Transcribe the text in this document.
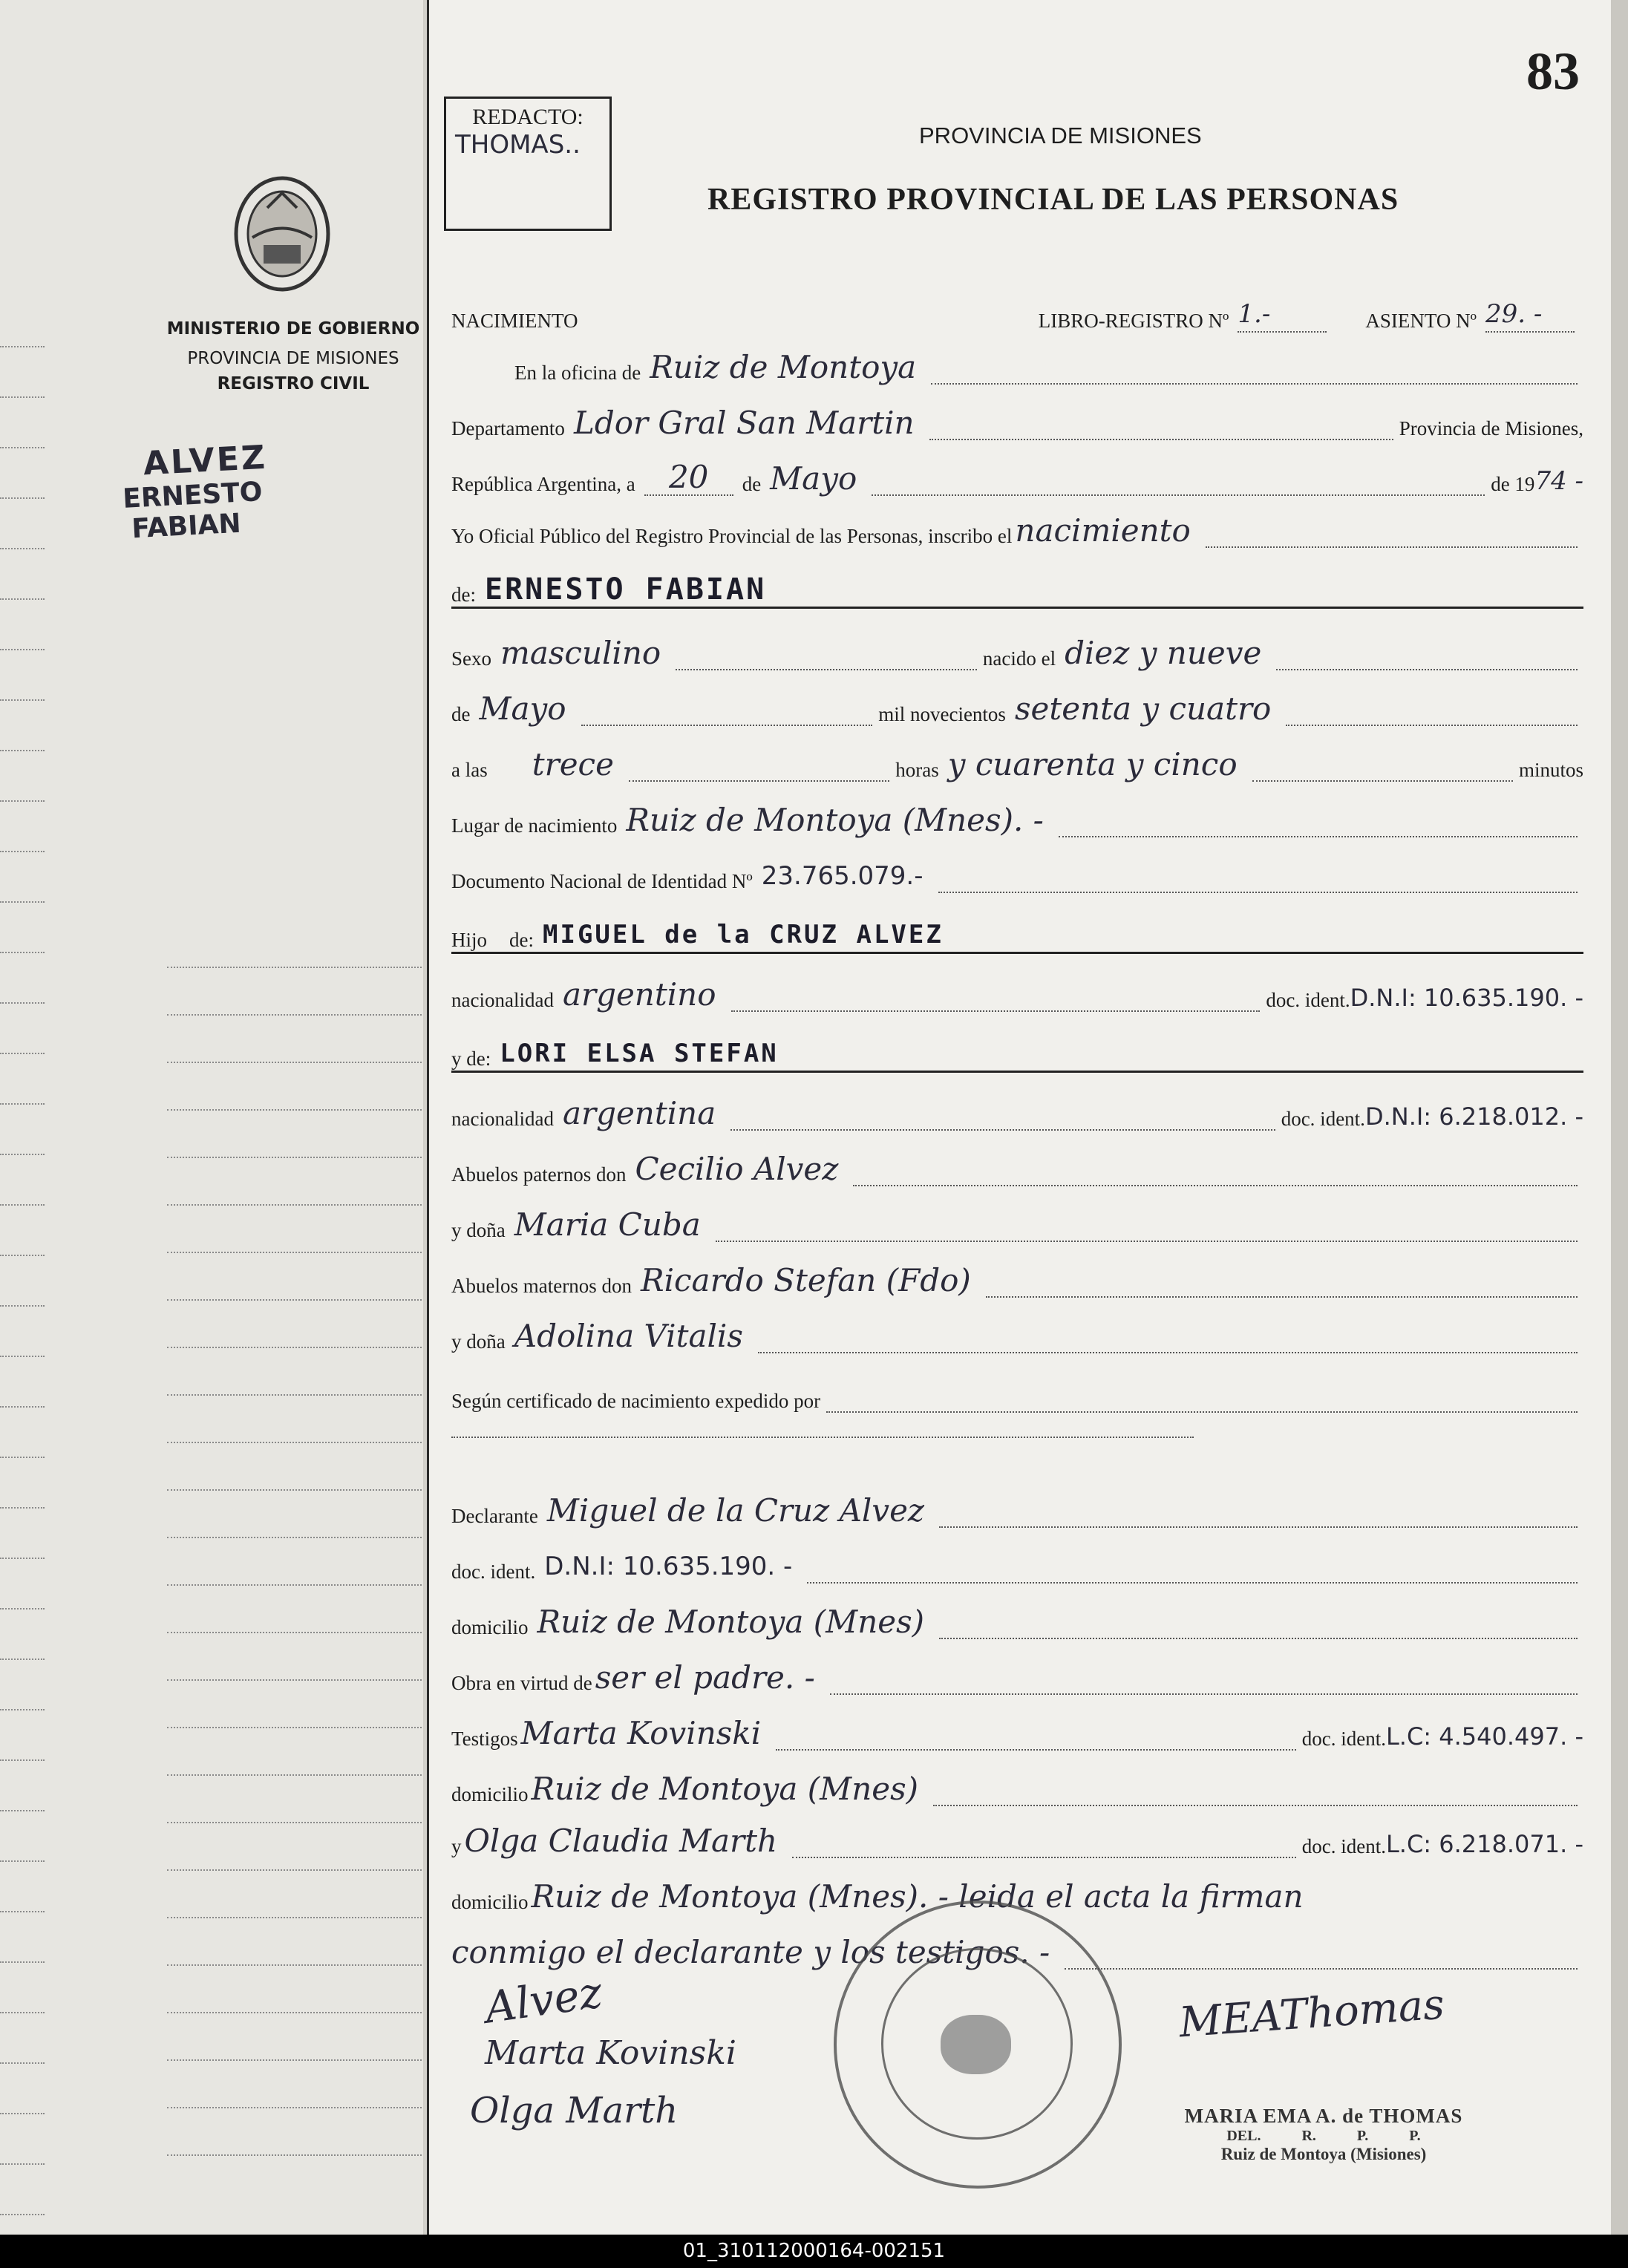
MINISTERIO DE GOBIERNO
PROVINCIA DE MISIONES
REGISTRO CIVIL
ALVEZ
ERNESTO
FABIAN
83
REDACTO:
THOMAS..	PROVINCIA DE MISIONES
REGISTRO PROVINCIAL DE LAS PERSONAS
NACIMIENTO	LIBRO-REGISTRO Nº 1.-	ASIENTO Nº 29. -
En la oficina de Ruiz de Montoya
Departamento Ldor Gral San Martin	Provincia de Misiones,
República Argentina, a	20	de Mayo	de 19 74 -
Yo Oficial Público del Registro Provincial de las Personas, inscribo el nacimiento
de: ERNESTO FABIAN
Sexo masculino	nacido el diez y nueve
de Mayo	mil novecientos setenta y cuatro
a las trece	horas y cuarenta y cinco	minutos
Lugar de nacimiento Ruiz de Montoya (Mnes). -
Documento Nacional de Identidad Nº 23.765.079.-
Hijo de: MIGUEL de la CRUZ ALVEZ
nacionalidad argentino	doc. ident. D.N.I: 10.635.190. -
y de: LORI ELSA STEFAN
nacionalidad argentina	doc. ident. D.N.I: 6.218.012. -
Abuelos paternos don Cecilio Alvez
y doña Maria Cuba
Abuelos maternos don Ricardo Stefan (Fdo)
y doña Adolina Vitalis
Según certificado de nacimiento expedido por
Declarante Miguel de la Cruz Alvez
doc. ident. D.N.I: 10.635.190. -
domicilio Ruiz de Montoya (Mnes)
Obra en virtud de ser el padre. -
Testigos Marta Kovinski	doc. ident. L.C: 4.540.497. -
domicilio Ruiz de Montoya (Mnes)
y Olga Claudia Marth	doc. ident. L.C: 6.218.071. -
domicilio Ruiz de Montoya (Mnes). - leida el acta la firman
conmigo el declarante y los testigos. -
Alvez
Marta Kovinski
Olga Marth
MEAThomas
MARIA EMA A. de THOMAS
DEL. R. P. P.
Ruiz de Montoya (Misiones)
01_310112000164-002151
